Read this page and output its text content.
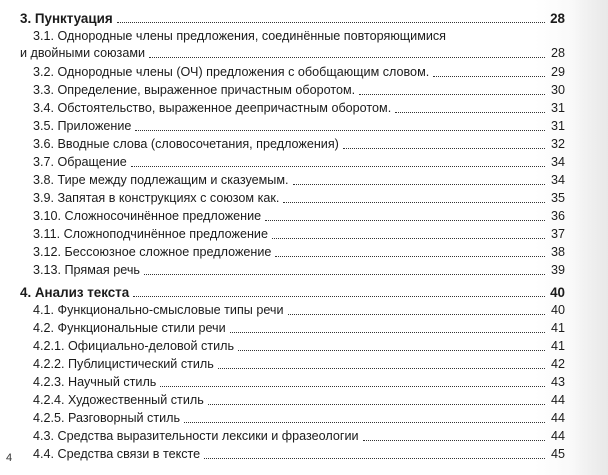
3. Пунктуация	28
3.1. Однородные члены предложения, соединённые повторяющимися
и двойными союзами	28
3.2. Однородные члены (ОЧ) предложения с обобщающим словом.	29
3.3. Определение, выраженное причастным оборотом.	30
3.4. Обстоятельство, выраженное деепричастным оборотом.	31
3.5. Приложение	31
3.6. Вводные слова (словосочетания, предложения)	32
3.7. Обращение	34
3.8. Тире между подлежащим и сказуемым.	34
3.9. Запятая в конструкциях с союзом как.	35
3.10. Сложносочинённое предложение	36
3.11. Сложноподчинённое предложение	37
3.12. Бессоюзное сложное предложение	38
3.13. Прямая речь	39
4. Анализ текста	40
4.1. Функционально-смысловые типы речи	40
4.2. Функциональные стили речи	41
4.2.1. Официально-деловой стиль	41
4.2.2. Публицистический стиль	42
4.2.3. Научный стиль	43
4.2.4. Художественный стиль	44
4.2.5. Разговорный стиль	44
4.3. Средства выразительности лексики и фразеологии	44
4.4. Средства связи в тексте	45
4
